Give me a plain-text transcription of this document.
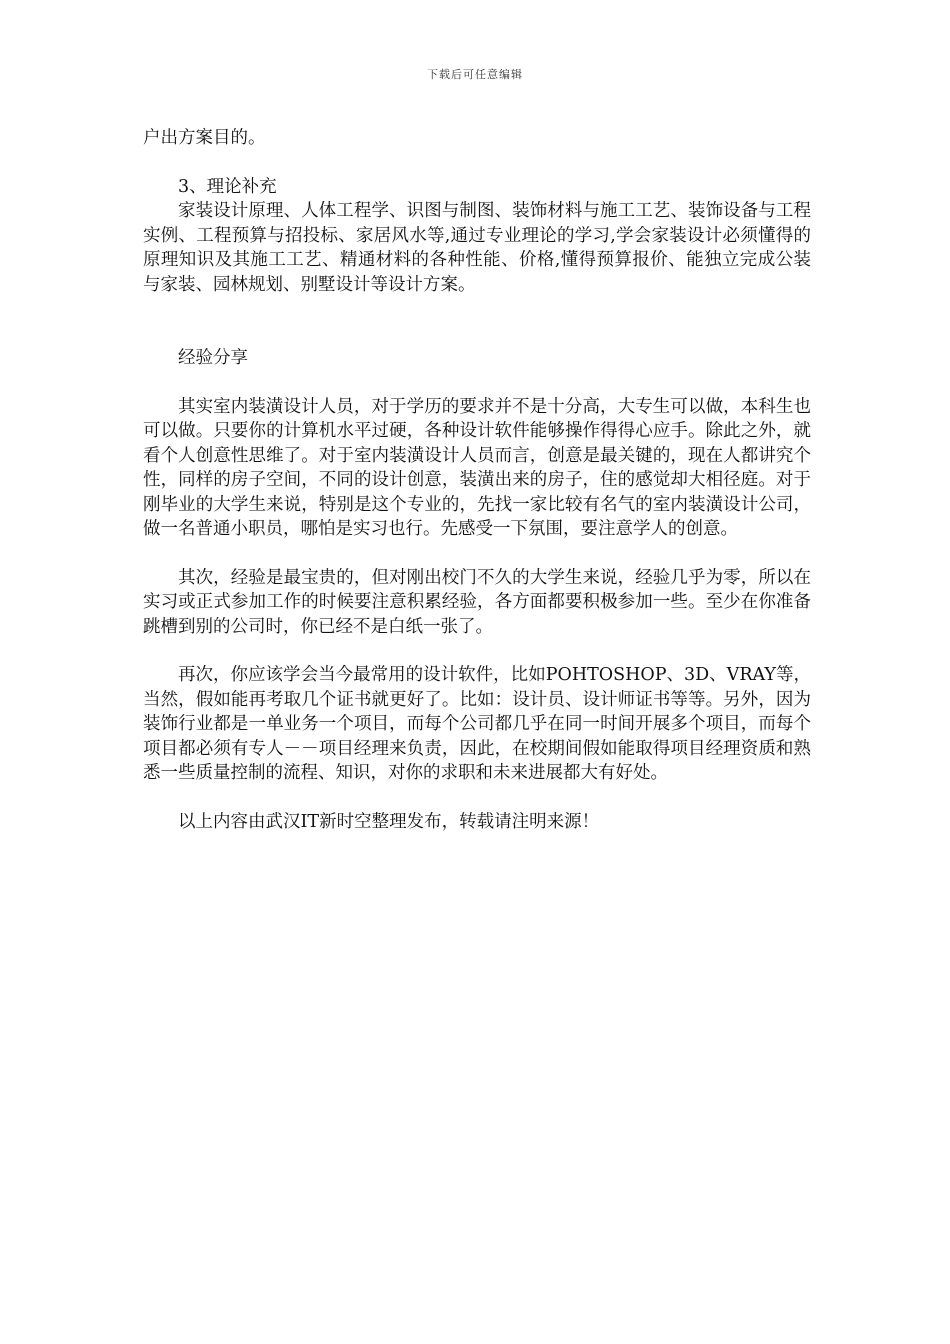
下载后可任意编辑

户出方案目的。

3、理论补充

家装设计原理、人体工程学、识图与制图、装饰材料与施工工艺、装饰设备与工程实例、工程预算与招投标、家居风水等,通过专业理论的学习,学会家装设计必须懂得的原理知识及其施工工艺、精通材料的各种性能、价格,懂得预算报价、能独立完成公装与家装、园林规划、别墅设计等设计方案。

经验分享

其实室内装潢设计人员，对于学历的要求并不是十分高，大专生可以做，本科生也可以做。只要你的计算机水平过硬，各种设计软件能够操作得得心应手。除此之外，就看个人创意性思维了。对于室内装潢设计人员而言，创意是最关键的，现在人都讲究个性，同样的房子空间，不同的设计创意，装潢出来的房子，住的感觉却大相径庭。对于刚毕业的大学生来说，特别是这个专业的，先找一家比较有名气的室内装潢设计公司，做一名普通小职员，哪怕是实习也行。先感受一下氛围，要注意学人的创意。

其次，经验是最宝贵的，但对刚出校门不久的大学生来说，经验几乎为零，所以在实习或正式参加工作的时候要注意积累经验，各方面都要积极参加一些。至少在你准备跳槽到别的公司时，你已经不是白纸一张了。

再次，你应该学会当今最常用的设计软件，比如POHTOSHOP、3D、VRAY等，当然，假如能再考取几个证书就更好了。比如：设计员、设计师证书等等。另外，因为装饰行业都是一单业务一个项目，而每个公司都几乎在同一时间开展多个项目，而每个项目都必须有专人－－项目经理来负责，因此，在校期间假如能取得项目经理资质和熟悉一些质量控制的流程、知识，对你的求职和未来进展都大有好处。

以上内容由武汉IT新时空整理发布，转载请注明来源！
